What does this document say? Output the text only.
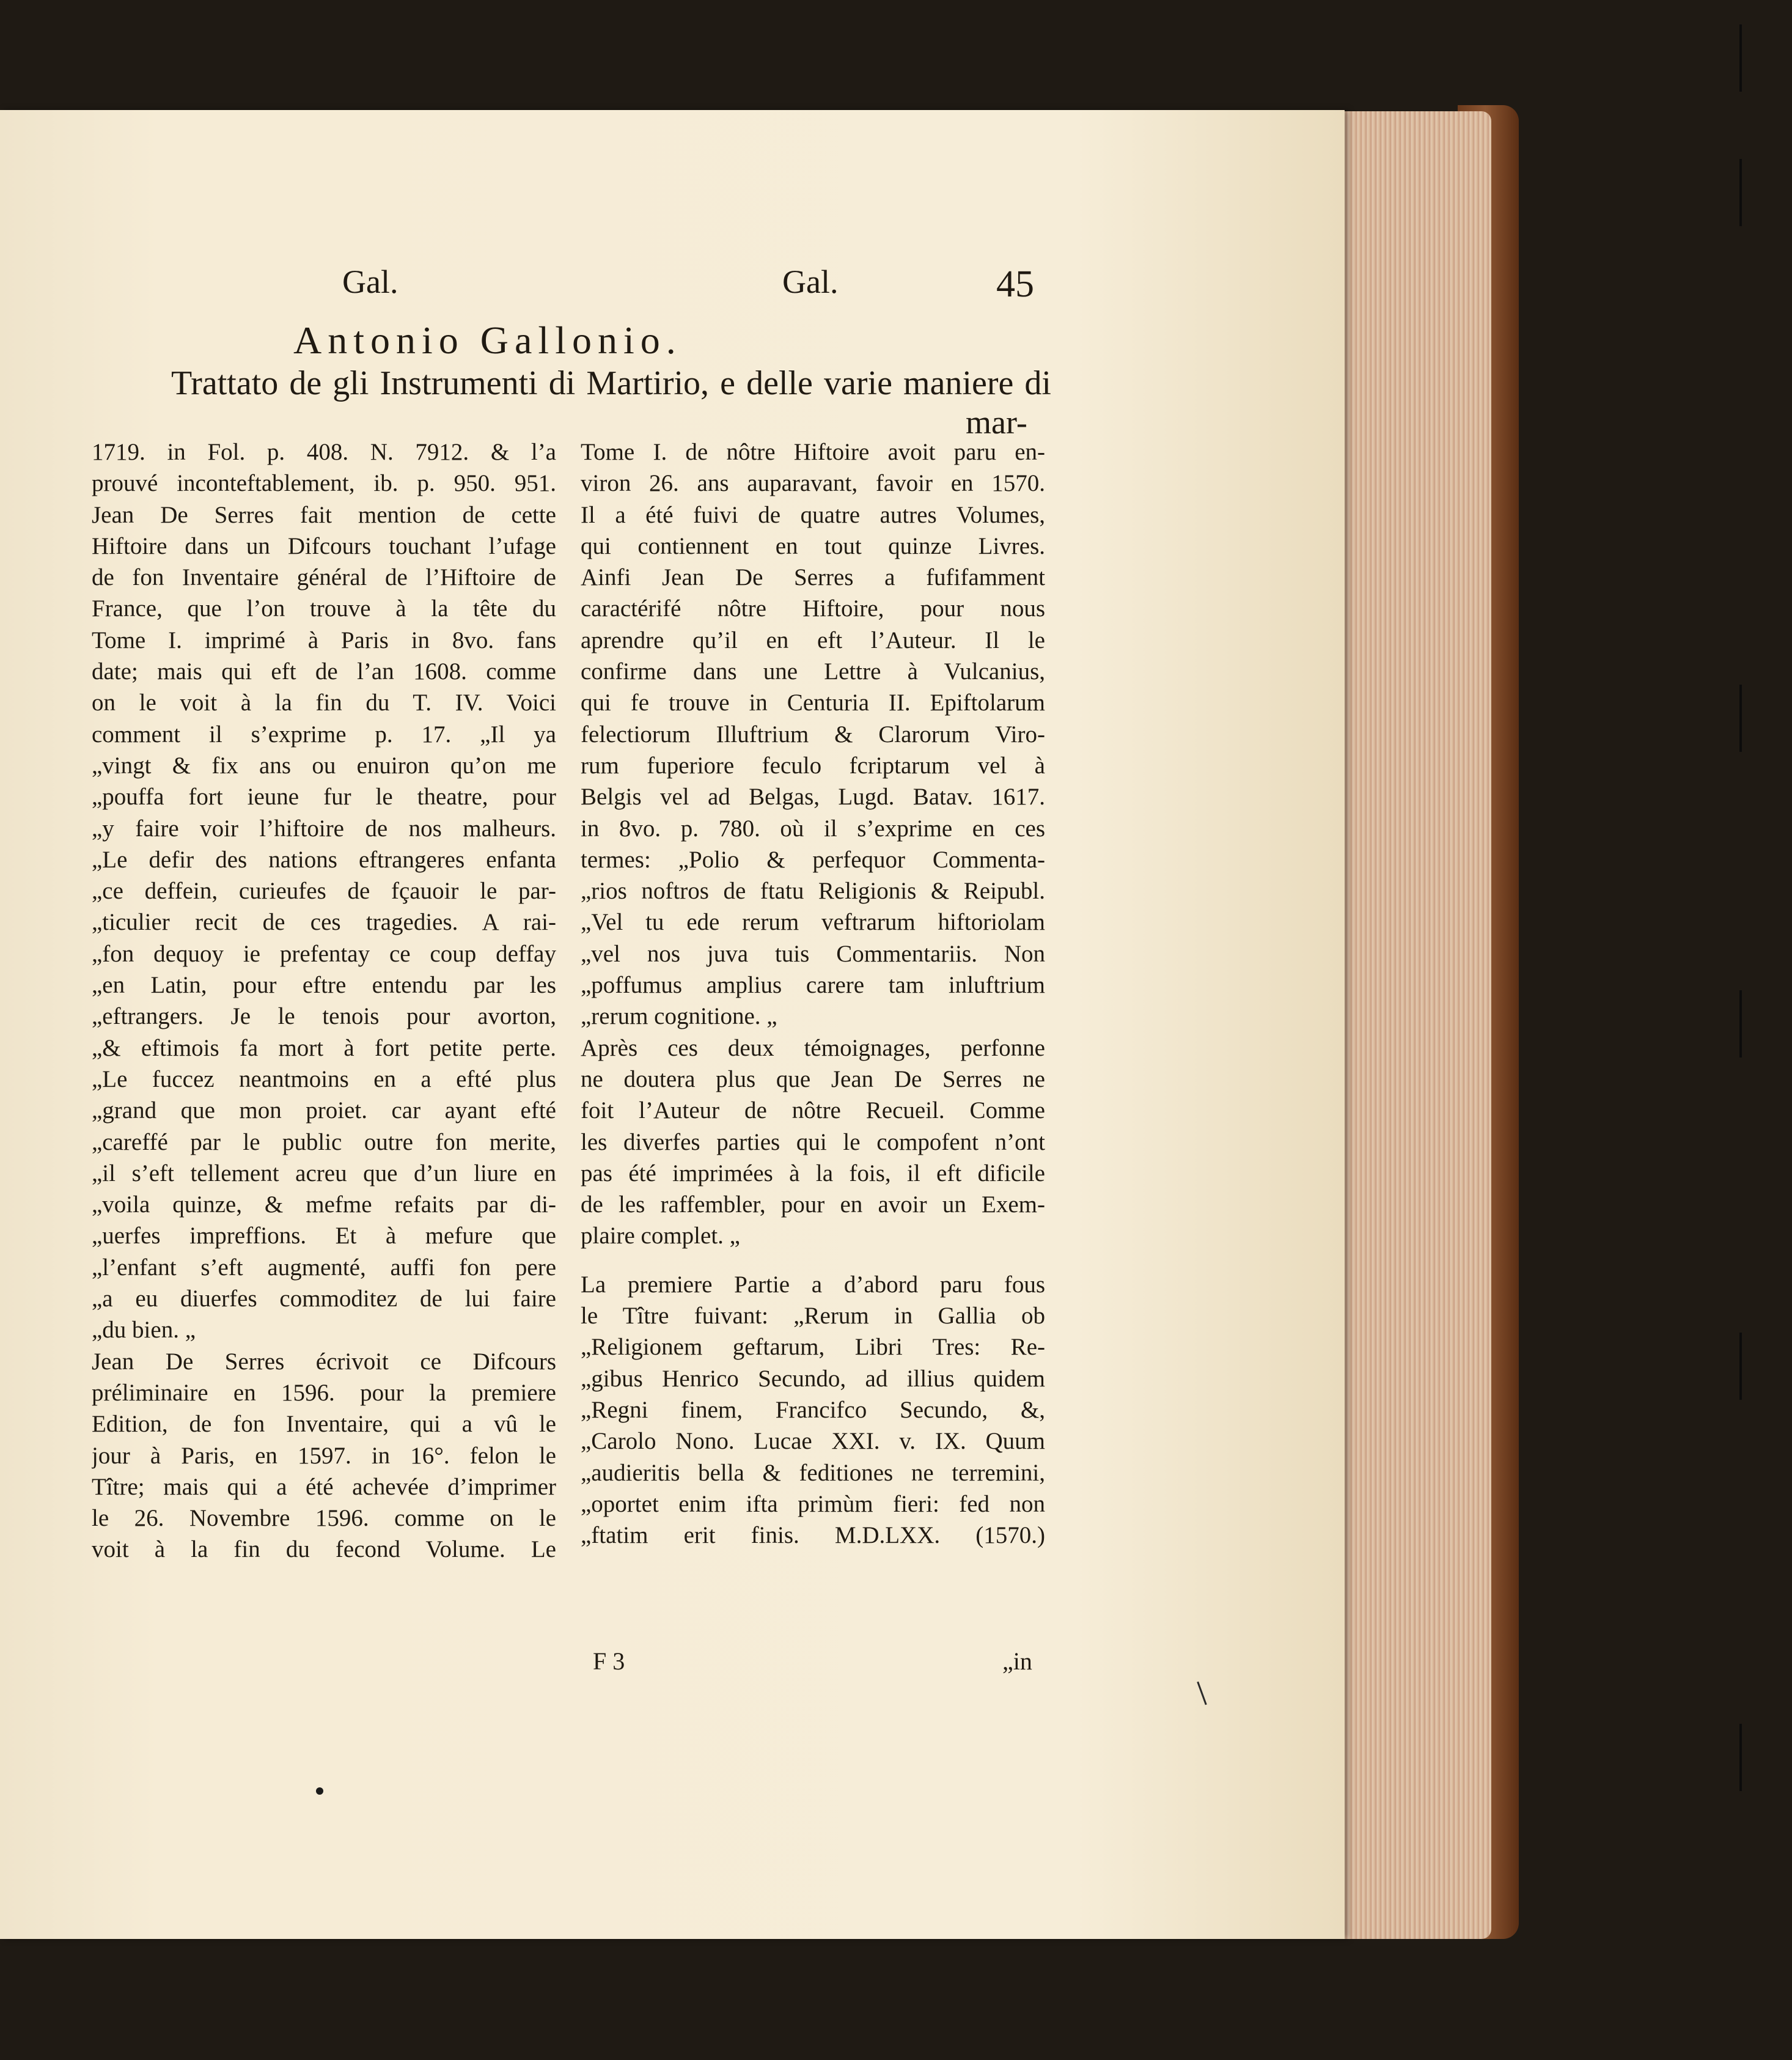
Gal.	Gal.	45
Antonio Gallonio.
Trattato de gli Instrumenti di Martirio, e delle varie maniere di
mar-
1719. in Fol. p. 408. N. 7912. & l’a
prouvé inconteftablement, ib. p. 950. 951.
Jean De Serres fait mention de cette
Hiftoire dans un Difcours touchant l’ufage
de fon Inventaire général de l’Hiftoire de
France, que l’on trouve à la tête du
Tome I. imprimé à Paris in 8vo. fans
date; mais qui eft de l’an 1608. comme
on le voit à la fin du T. IV. Voici
comment il s’exprime p. 17. „Il ya
„vingt & fix ans ou enuiron qu’on me
„pouffa fort ieune fur le theatre, pour
„y faire voir l’hiftoire de nos malheurs.
„Le defir des nations eftrangeres enfanta
„ce deffein, curieufes de fçauoir le par-
„ticulier recit de ces tragedies. A rai-
„fon dequoy ie prefentay ce coup deffay
„en Latin, pour eftre entendu par les
„eftrangers. Je le tenois pour avorton,
„& eftimois fa mort à fort petite perte.
„Le fuccez neantmoins en a efté plus
„grand que mon proiet. car ayant efté
„careffé par le public outre fon merite,
„il s’eft tellement acreu que d’un liure en
„voila quinze, & mefme refaits par di-
„uerfes impreffions. Et à mefure que
„l’enfant s’eft augmenté, auffi fon pere
„a eu diuerfes commoditez de lui faire
„du bien. „
Jean De Serres écrivoit ce Difcours
préliminaire en 1596. pour la premiere
Edition, de fon Inventaire, qui a vû le
jour à Paris, en 1597. in 16°. felon le
Tître; mais qui a été achevée d’imprimer
le 26. Novembre 1596. comme on le
voit à la fin du fecond Volume. Le
Tome I. de nôtre Hiftoire avoit paru en-
viron 26. ans auparavant, favoir en 1570.
Il a été fuivi de quatre autres Volumes,
qui contiennent en tout quinze Livres.
Ainfi Jean De Serres a fufifamment
caractérifé nôtre Hiftoire, pour nous
aprendre qu’il en eft l’Auteur. Il le
confirme dans une Lettre à Vulcanius,
qui fe trouve in Centuria II. Epiftolarum
felectiorum Illuftrium & Clarorum Viro-
rum fuperiore feculo fcriptarum vel à
Belgis vel ad Belgas, Lugd. Batav. 1617.
in 8vo. p. 780. où il s’exprime en ces
termes: „Polio & perfequor Commenta-
„rios noftros de ftatu Religionis & Reipubl.
„Vel tu ede rerum veftrarum hiftoriolam
„vel nos juva tuis Commentariis. Non
„poffumus amplius carere tam inluftrium
„rerum cognitione. „
Après ces deux témoignages, perfonne
ne doutera plus que Jean De Serres ne
foit l’Auteur de nôtre Recueil. Comme
les diverfes parties qui le compofent n’ont
pas été imprimées à la fois, il eft dificile
de les raffembler, pour en avoir un Exem-
plaire complet. „
La premiere Partie a d’abord paru fous
le Tître fuivant: „Rerum in Gallia ob
„Religionem geftarum, Libri Tres: Re-
„gibus Henrico Secundo, ad illius quidem
„Regni finem, Francifco Secundo, &,
„Carolo Nono. Lucae XXI. v. IX. Quum
„audieritis bella & feditiones ne terremini,
„oportet enim ifta primùm fieri: fed non
„ftatim erit finis. M.D.LXX. (1570.)
F 3	„in
